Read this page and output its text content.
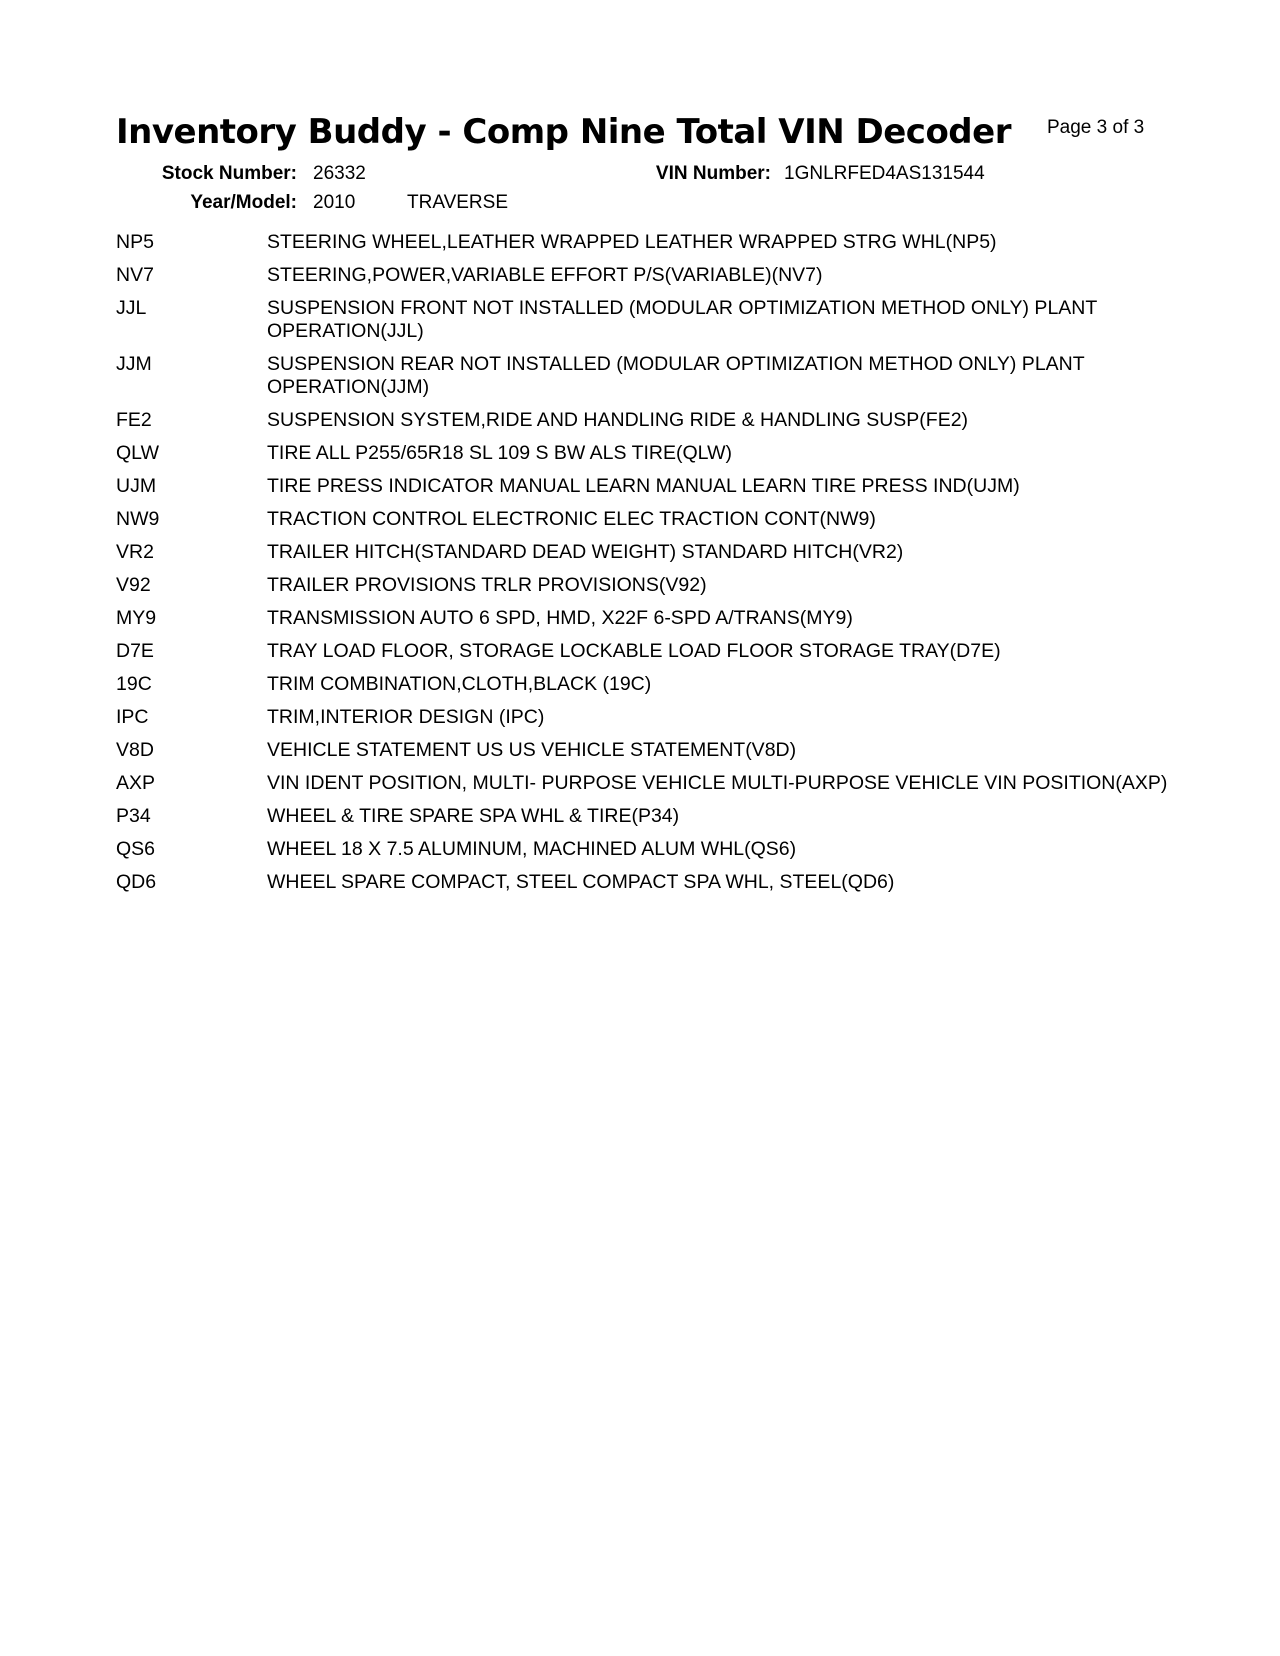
Inventory Buddy - Comp Nine Total VIN Decoder Page 3 of 3
Stock Number: 26332	VIN Number: 1GNLRFED4AS131544
Year/Model: 2010	TRAVERSE
NP5	STEERING WHEEL,LEATHER WRAPPED LEATHER WRAPPED STRG WHL(NP5)
NV7	STEERING,POWER,VARIABLE EFFORT P/S(VARIABLE)(NV7)
JJL	SUSPENSION FRONT NOT INSTALLED (MODULAR OPTIMIZATION METHOD ONLY) PLANT OPERATION(JJL)
JJM	SUSPENSION REAR NOT INSTALLED (MODULAR OPTIMIZATION METHOD ONLY) PLANT OPERATION(JJM)
FE2	SUSPENSION SYSTEM,RIDE AND HANDLING RIDE & HANDLING SUSP(FE2)
QLW	TIRE ALL P255/65R18 SL 109 S BW ALS TIRE(QLW)
UJM	TIRE PRESS INDICATOR MANUAL LEARN MANUAL LEARN TIRE PRESS IND(UJM)
NW9	TRACTION CONTROL ELECTRONIC ELEC TRACTION CONT(NW9)
VR2	TRAILER HITCH(STANDARD DEAD WEIGHT) STANDARD HITCH(VR2)
V92	TRAILER PROVISIONS TRLR PROVISIONS(V92)
MY9	TRANSMISSION AUTO 6 SPD, HMD, X22F 6-SPD A/TRANS(MY9)
D7E	TRAY LOAD FLOOR, STORAGE LOCKABLE LOAD FLOOR STORAGE TRAY(D7E)
19C	TRIM COMBINATION,CLOTH,BLACK (19C)
IPC	TRIM,INTERIOR DESIGN (IPC)
V8D	VEHICLE STATEMENT US US VEHICLE STATEMENT(V8D)
AXP	VIN IDENT POSITION, MULTI- PURPOSE VEHICLE MULTI-PURPOSE VEHICLE VIN POSITION(AXP)
P34	WHEEL & TIRE SPARE SPA WHL & TIRE(P34)
QS6	WHEEL 18 X 7.5 ALUMINUM, MACHINED ALUM WHL(QS6)
QD6	WHEEL SPARE COMPACT, STEEL COMPACT SPA WHL, STEEL(QD6)
